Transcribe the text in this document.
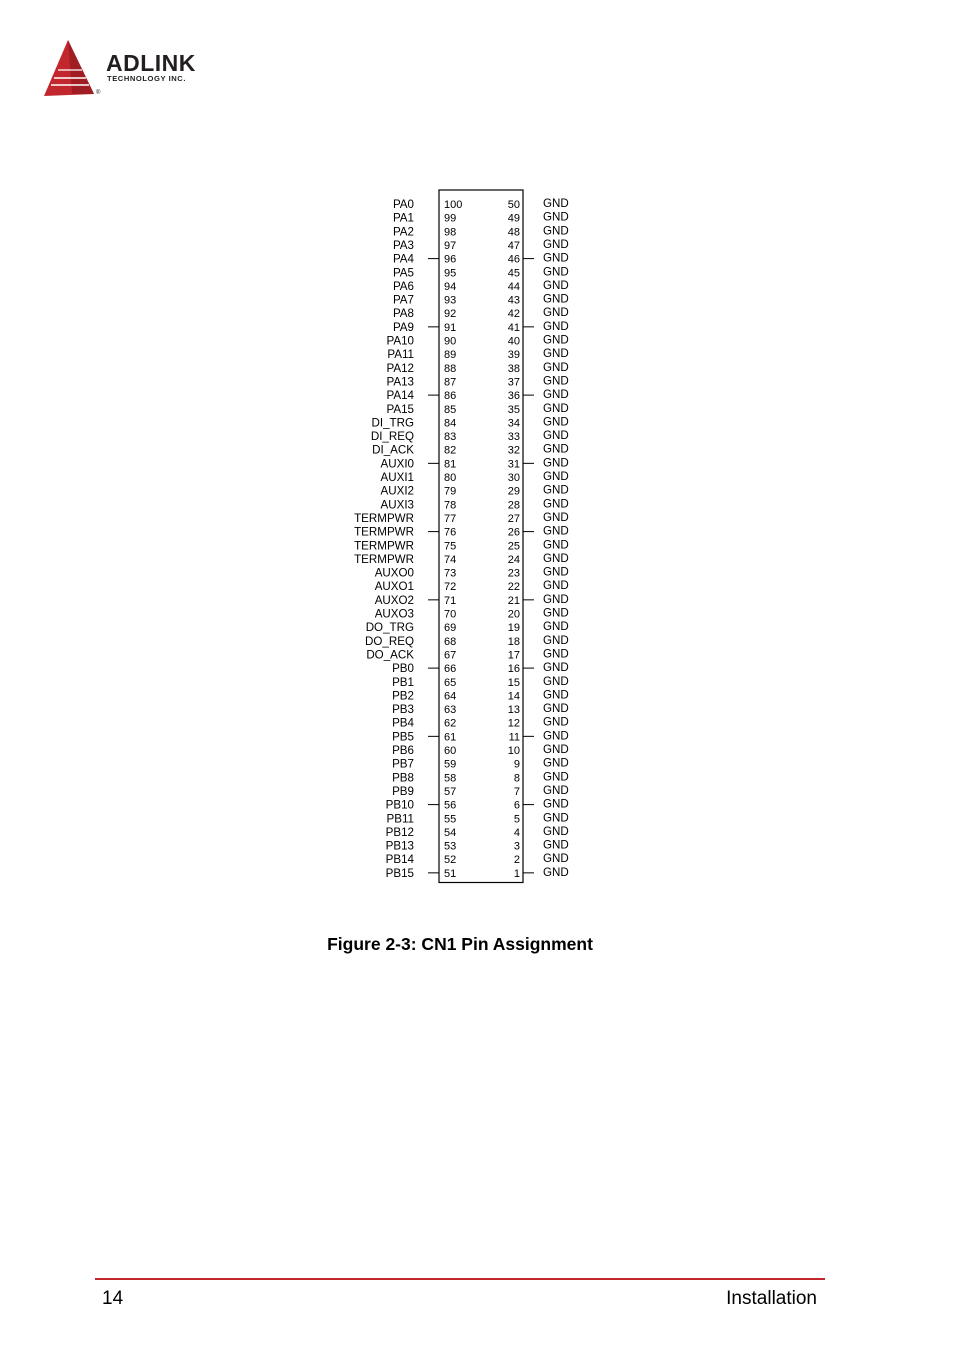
ADLINK
TECHNOLOGY INC.
®
PA0	100	50 GND
PA1	99	49 GND
PA2	98	48 GND
PA3	97	47 GND
PA4	96	46 GND
PA5	95	45 GND
PA6	94	44 GND
PA7	93	43 GND
PA8	92	42 GND
PA9	91	41 GND
PA10	90	40 GND
PA11	89	39 GND
PA12	88	38 GND
PA13	87	37 GND
PA14	86	36 GND
PA15	85	35 GND
DI_TRG	84	34 GND
DI_REQ	83	33 GND
DI_ACK	82	32 GND
AUXI0	81	31 GND
AUXI1	80	30 GND
AUXI2	79	29 GND
AUXI3	78	28 GND
TERMPWR	77	27 GND
TERMPWR	76	26 GND
TERMPWR	75	25 GND
TERMPWR	74	24 GND
AUXO0	73	23 GND
AUXO1	72	22 GND
AUXO2	71	21 GND
AUXO3	70	20 GND
DO_TRG	69	19 GND
DO_REQ	68	18 GND
DO_ACK	67	17 GND
PB0	66	16 GND
PB1	65	15 GND
PB2	64	14 GND
PB3	63	13 GND
PB4	62	12 GND
PB5	61	11 GND
PB6	60	10 GND
PB7	59	9 GND
PB8	58	8 GND
PB9	57	7 GND
PB10	56	6 GND
PB11	55	5 GND
PB12	54	4 GND
PB13	53	3 GND
PB14	52	2 GND
PB15	51	1 GND
Figure 2-3: CN1 Pin Assignment
14	Installation
